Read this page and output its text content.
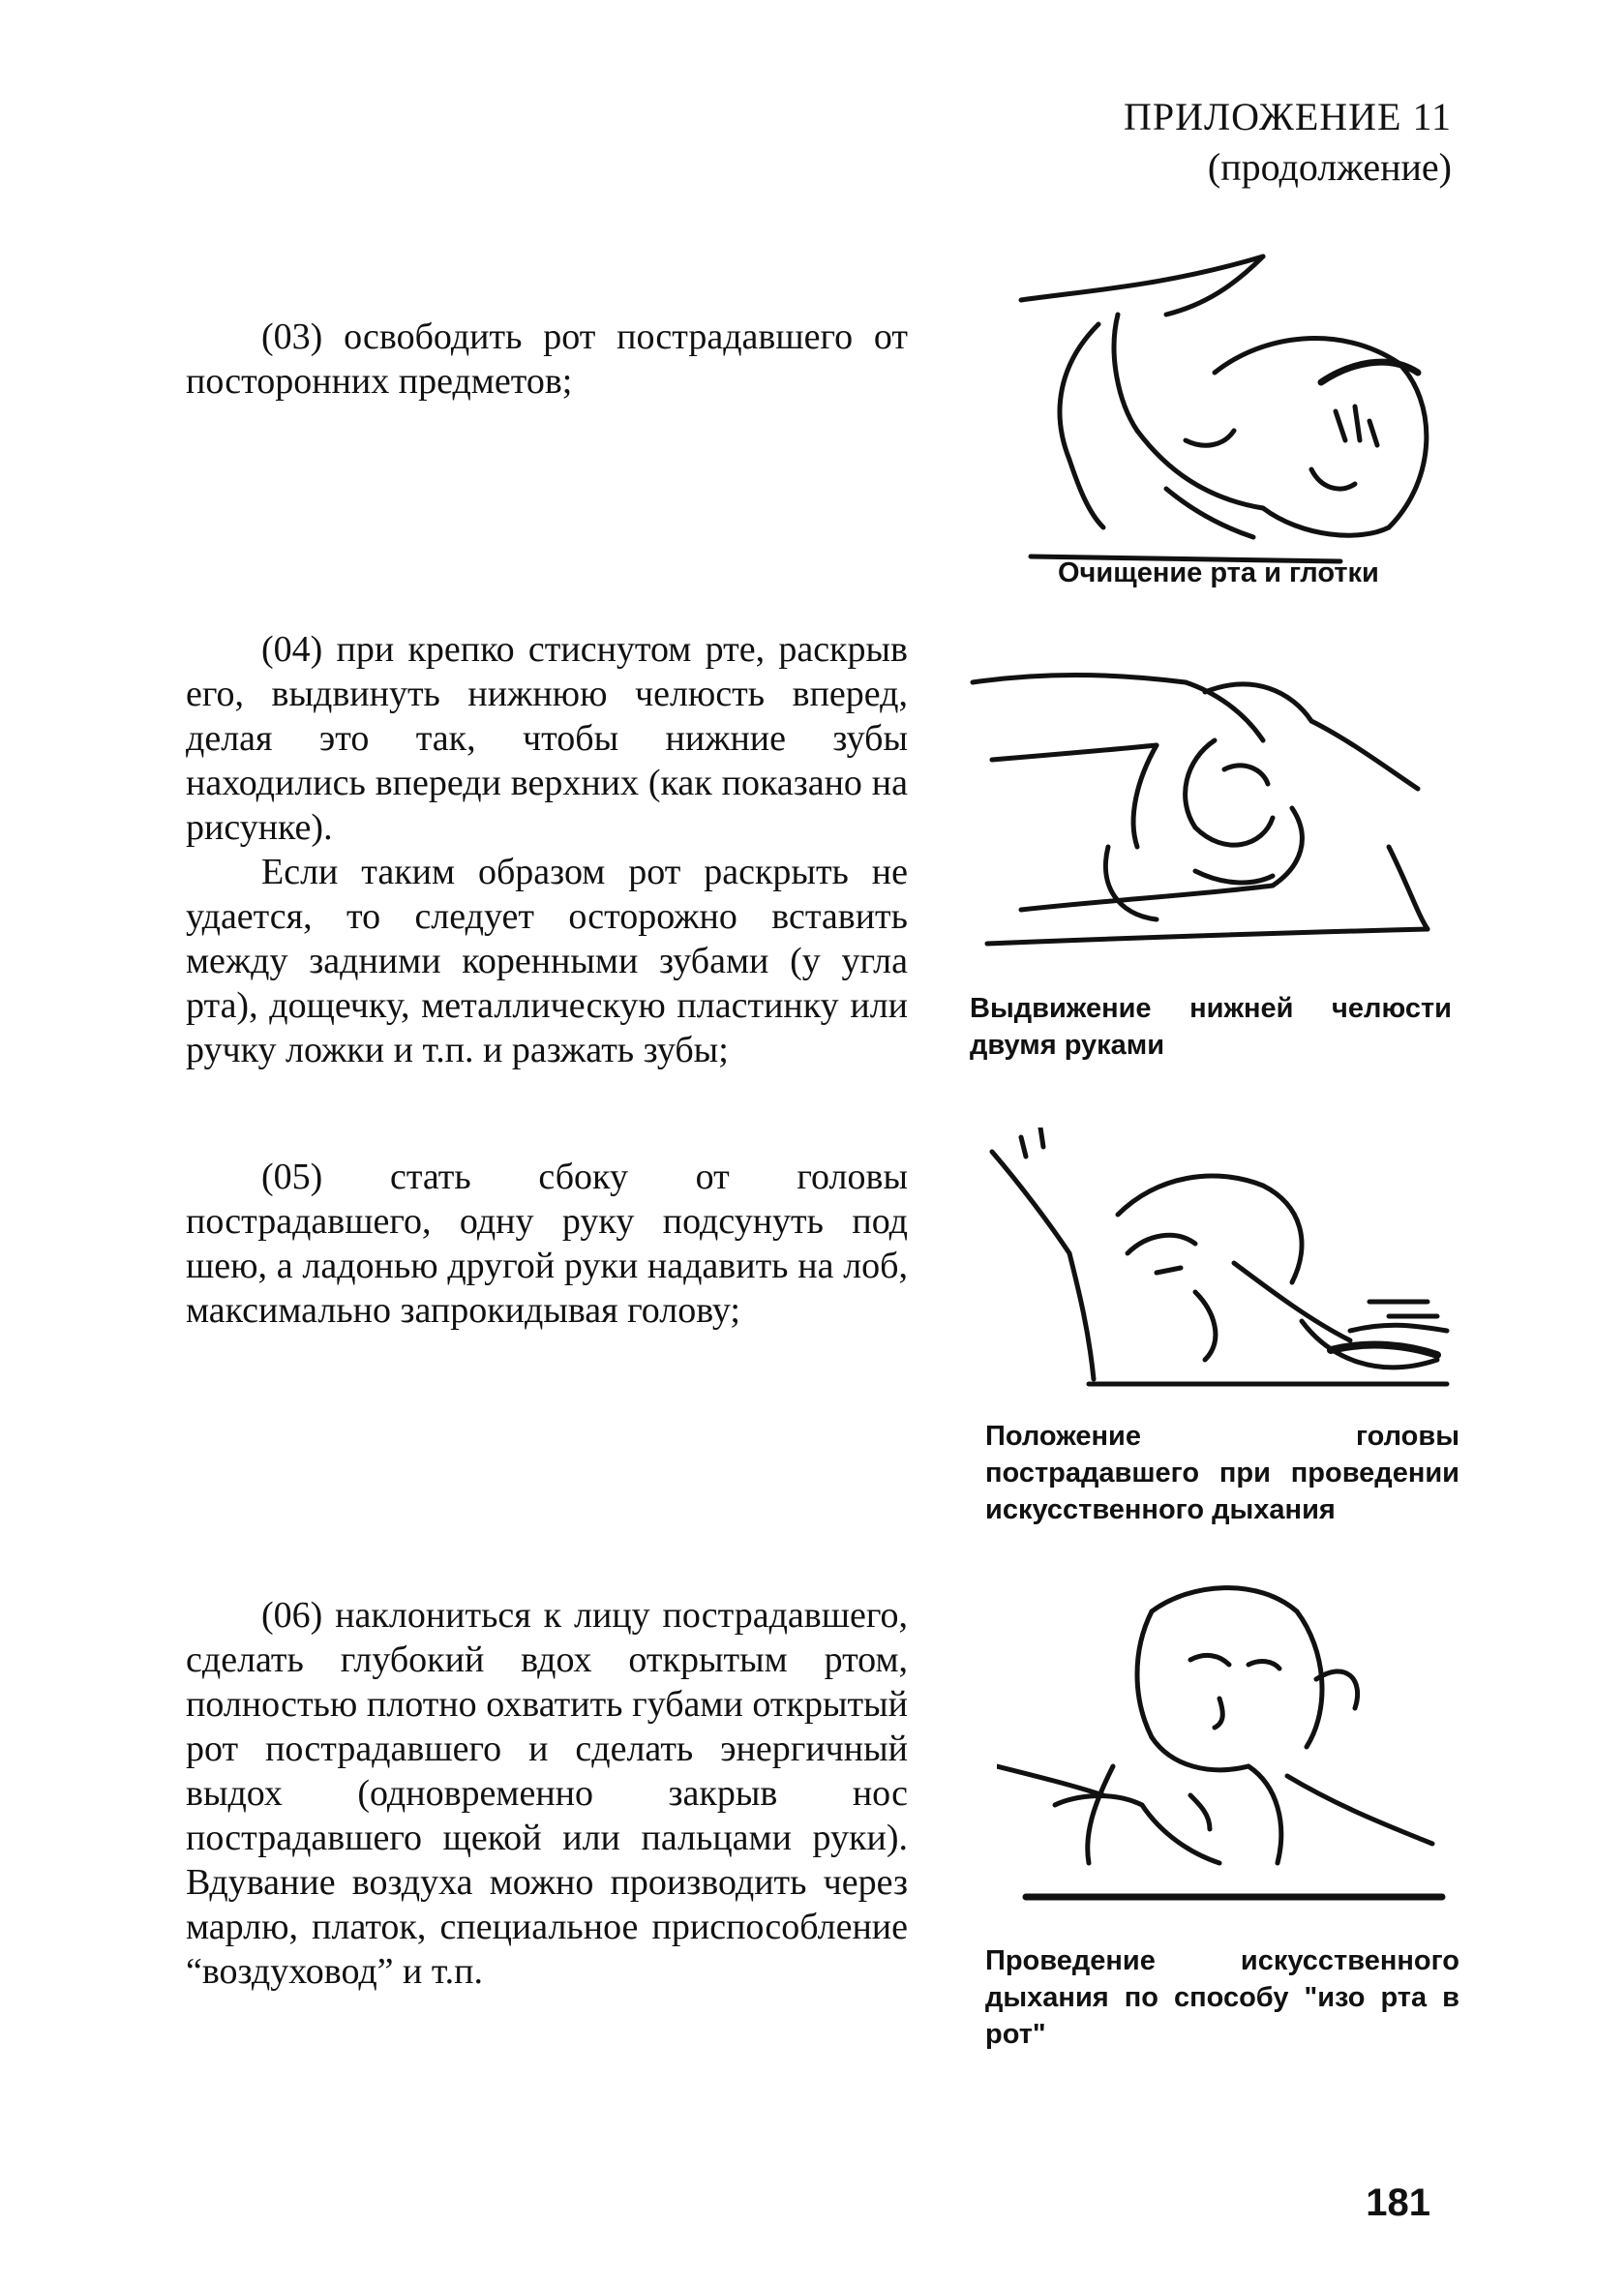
ПРИЛОЖЕНИЕ 11
(продолжение)

(03) освободить рот пострадавшего от посторонних предметов;

Очищение рта и глотки

(04) при крепко стиснутом рте, раскрыв его, выдвинуть нижнюю челюсть вперед, делая это так, чтобы нижние зубы находились впереди верхних (как показано на рисунке).

Если таким образом рот раскрыть не удается, то следует осторожно вставить между задними коренными зубами (у угла рта), дощечку, металлическую пластинку или ручку ложки и т.п. и разжать зубы;

Выдвижение нижней челюсти двумя руками

(05) стать сбоку от головы пострадавшего, одну руку подсунуть под шею, а ладонью другой руки надавить на лоб, максимально запрокидывая голову;

Положение головы пострадавшего при проведении искусственного дыхания

(06) наклониться к лицу пострадавшего, сделать глубокий вдох открытым ртом, полностью плотно охватить губами открытый рот пострадавшего и сделать энергичный выдох (одновременно закрыв нос пострадавшего щекой или пальцами руки). Вдувание воздуха можно производить через марлю, платок, специальное приспособление “воздуховод” и т.п.	Проведение искусственного дыхания по способу "изо рта в рот"
181
